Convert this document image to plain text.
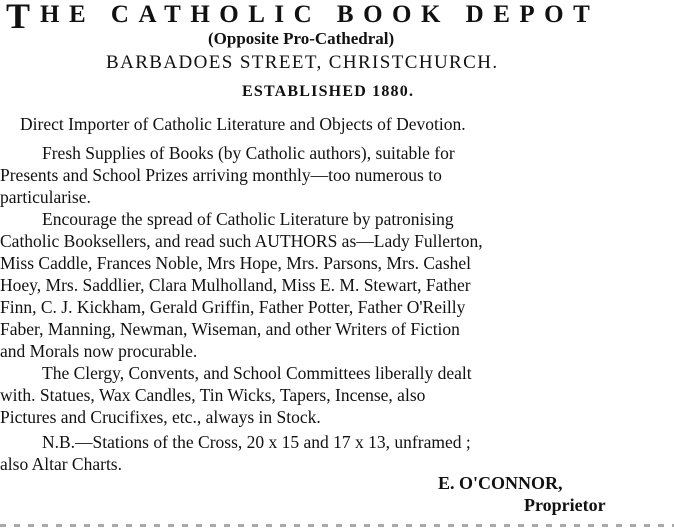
T HE CATHOLIC BOOK DEPOT
(Opposite Pro-Cathedral)
BARBADOES STREET, CHRISTCHURCH.
ESTABLISHED 1880.
Direct Importer of Catholic Literature and Objects of Devotion.
Fresh Supplies of Books (by Catholic authors), suitable for
Presents and School Prizes arriving monthly—too numerous to
particularise.
Encourage the spread of Catholic Literature by patronising
Catholic Booksellers, and read such AUTHORS as—Lady Fullerton,
Miss Caddle, Frances Noble, Mrs Hope, Mrs. Parsons, Mrs. Cashel
Hoey, Mrs. Saddlier, Clara Mulholland, Miss E. M. Stewart, Father
Finn, C. J. Kickham, Gerald Griffin, Father Potter, Father O'Reilly
Faber, Manning, Newman, Wiseman, and other Writers of Fiction
and Morals now procurable.
The Clergy, Convents, and School Committees liberally dealt
with. Statues, Wax Candles, Tin Wicks, Tapers, Incense, also
Pictures and Crucifixes, etc., always in Stock.
N.B.—Stations of the Cross, 20 x 15 and 17 x 13, unframed ;
also Altar Charts.
E. O'CONNOR,
Proprietor
